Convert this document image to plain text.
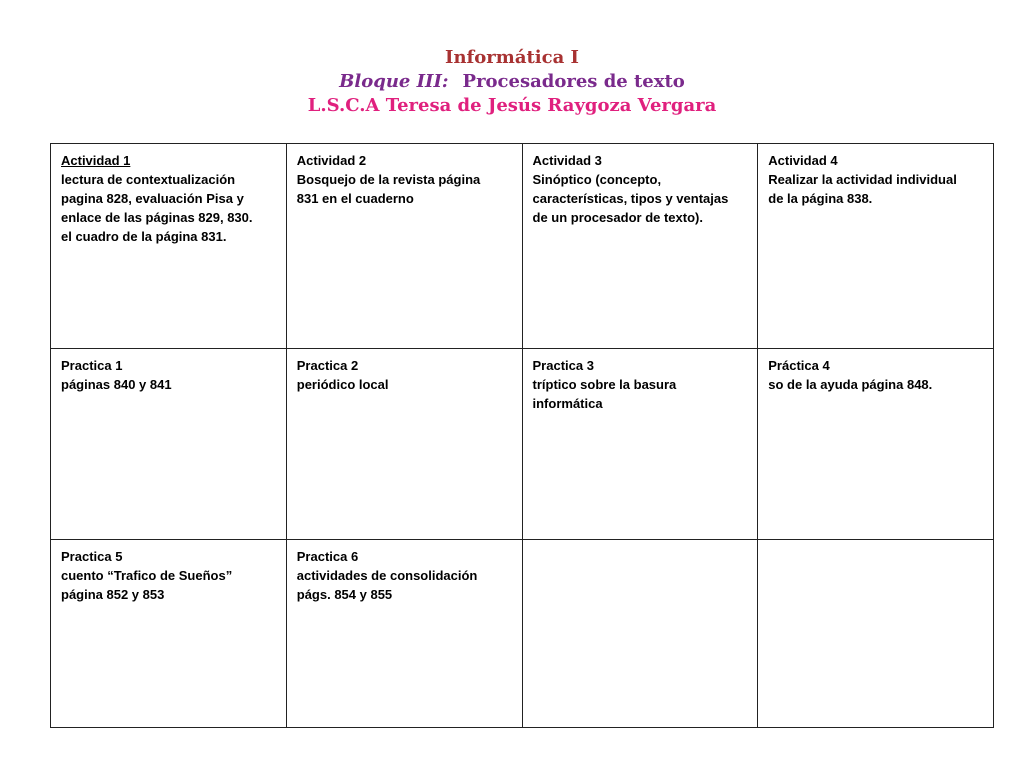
Informática I
Bloque III: Procesadores de texto
L.S.C.A Teresa de Jesús Raygoza Vergara
Actividad 1
lectura de contextualización
pagina 828, evaluación Pisa y
enlace de las páginas 829, 830.
el cuadro de la página 831.	Actividad 2
Bosquejo de la revista página
831 en el cuaderno	Actividad 3
Sinóptico (concepto,
características, tipos y ventajas
de un procesador de texto).	Actividad 4
Realizar la actividad individual
de la página 838.

Practica 1
páginas 840 y 841	Practica 2
periódico local	Practica 3
tríptico sobre la basura
informática	Práctica 4
so de la ayuda página 848.

Practica 5
cuento “Trafico de Sueños”
página 852 y 853	Practica 6
actividades de consolidación
págs. 854 y 855		
